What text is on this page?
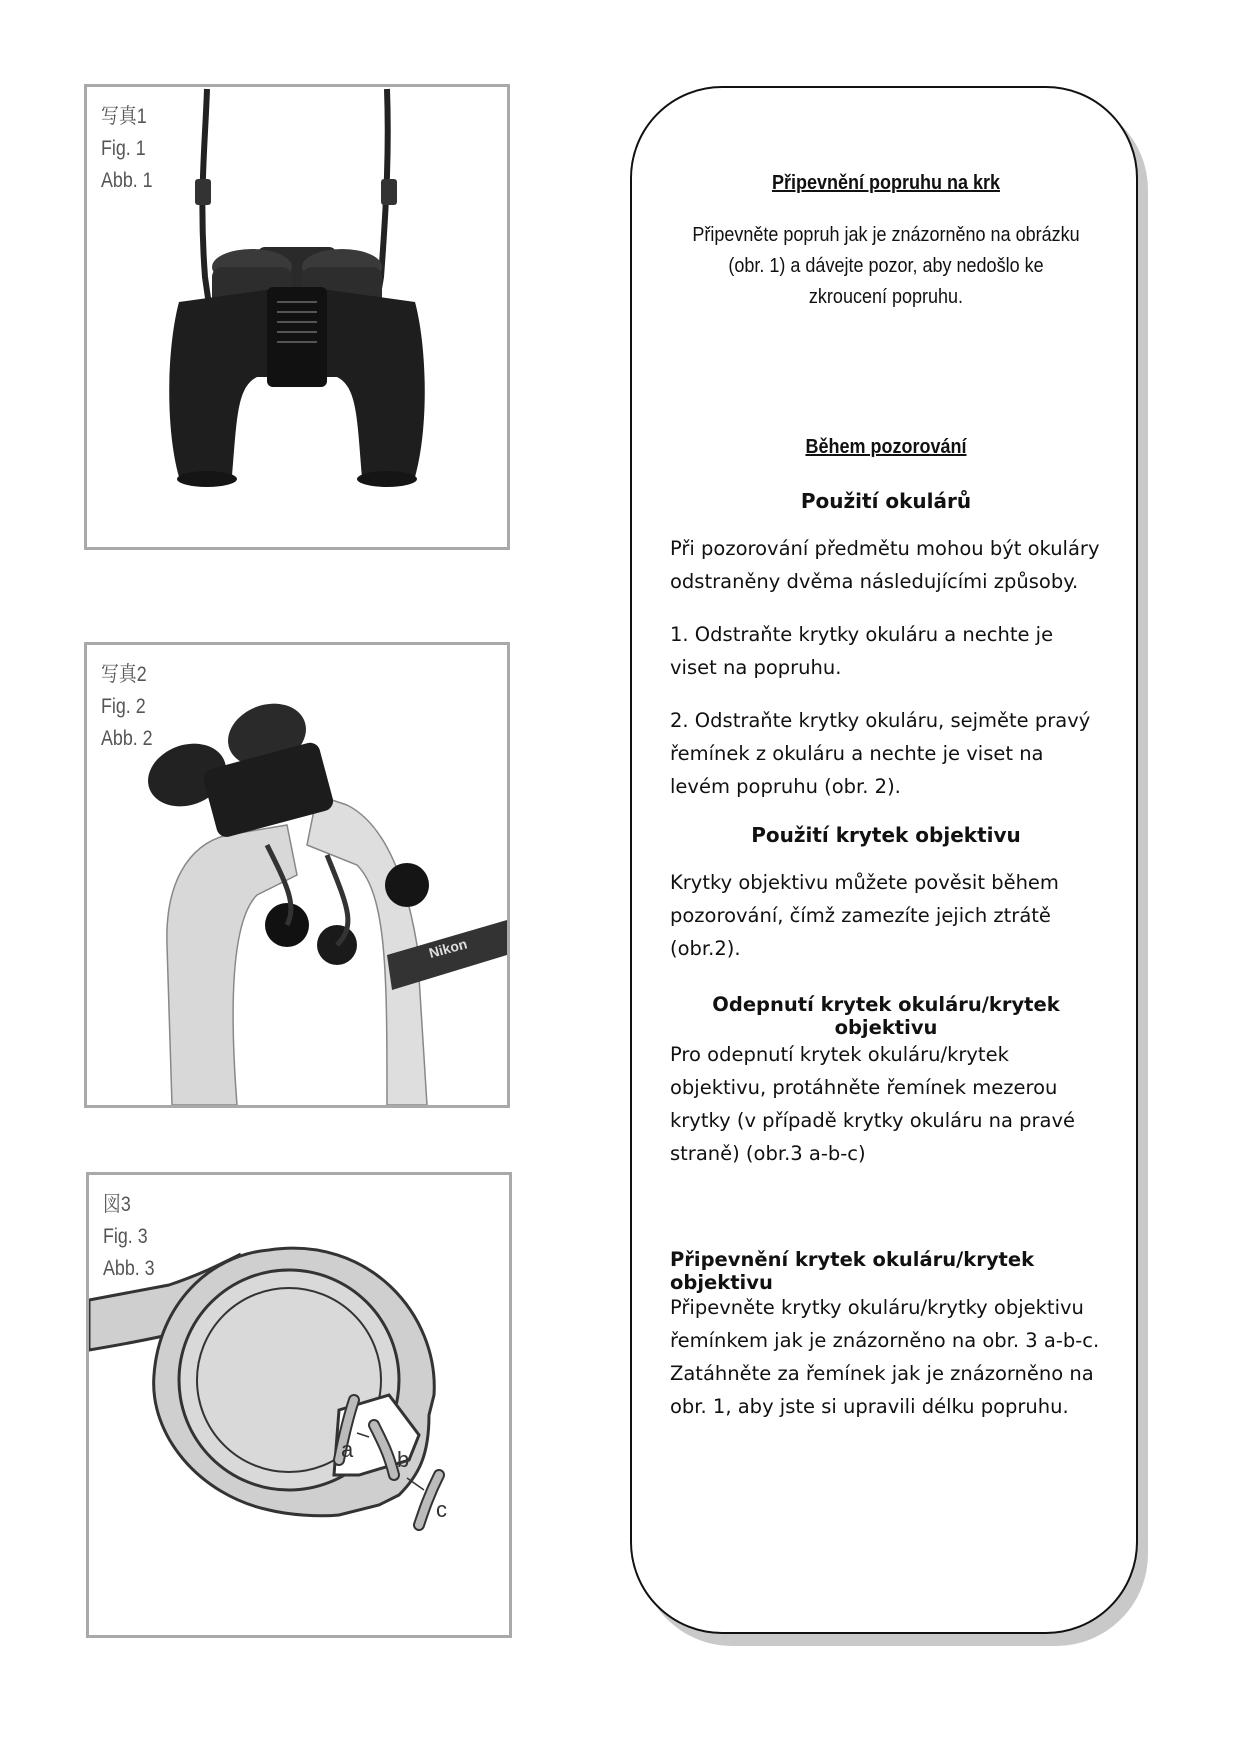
写真1
Fig. 1
Abb. 1
写真2
Fig. 2
Abb. 2
Nikon
図3
Fig. 3
Abb. 3
a b
c

Připevnění popruhu na krk

Připevněte popruh jak je znázorněno na obrázku (obr. 1) a dávejte pozor, aby nedošlo ke zkroucení popruhu.

Během pozorování

Použití okulárů

Při pozorování předmětu mohou být okuláry odstraněny dvěma následujícími způsoby.

1. Odstraňte krytky okuláru a nechte je viset na popruhu.

2. Odstraňte krytky okuláru, sejměte pravý řemínek z okuláru a nechte je viset na levém popruhu (obr. 2).

Použití krytek objektivu

Krytky objektivu můžete pověsit během pozorování, čímž zamezíte jejich ztrátě (obr.2).

Odepnutí krytek okuláru/krytek objektivu

Pro odepnutí krytek okuláru/krytek objektivu, protáhněte řemínek mezerou krytky (v případě krytky okuláru na pravé straně) (obr.3 a-b-c)

Připevnění krytek okuláru/krytek objektivu

Připevněte krytky okuláru/krytky objektivu řemínkem jak je znázorněno na obr. 3 a-b-c. Zatáhněte za řemínek jak je znázorněno na obr. 1, aby jste si upravili délku popruhu.
